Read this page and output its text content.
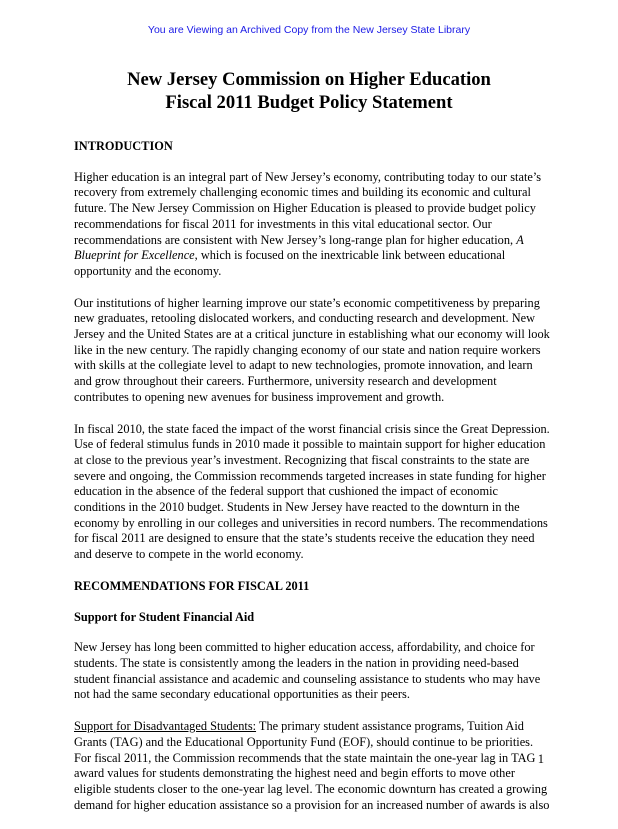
You are Viewing an Archived Copy from the New Jersey State Library
New Jersey Commission on Higher Education
Fiscal 2011 Budget Policy Statement

INTRODUCTION

Higher education is an integral part of New Jersey’s economy, contributing today to our state’s recovery from extremely challenging economic times and building its economic and cultural future. The New Jersey Commission on Higher Education is pleased to provide budget policy recommendations for fiscal 2011 for investments in this vital educational sector. Our recommendations are consistent with New Jersey’s long-range plan for higher education, A Blueprint for Excellence, which is focused on the inextricable link between educational opportunity and the economy.

Our institutions of higher learning improve our state’s economic competitiveness by preparing new graduates, retooling dislocated workers, and conducting research and development. New Jersey and the United States are at a critical juncture in establishing what our economy will look like in the new century. The rapidly changing economy of our state and nation require workers with skills at the collegiate level to adapt to new technologies, promote innovation, and learn and grow throughout their careers. Furthermore, university research and development contributes to opening new avenues for business improvement and growth.

In fiscal 2010, the state faced the impact of the worst financial crisis since the Great Depression. Use of federal stimulus funds in 2010 made it possible to maintain support for higher education at close to the previous year’s investment. Recognizing that fiscal constraints to the state are severe and ongoing, the Commission recommends targeted increases in state funding for higher education in the absence of the federal support that cushioned the impact of economic conditions in the 2010 budget. Students in New Jersey have reacted to the downturn in the economy by enrolling in our colleges and universities in record numbers. The recommendations for fiscal 2011 are designed to ensure that the state’s students receive the education they need and deserve to compete in the world economy.

RECOMMENDATIONS FOR FISCAL 2011

Support for Student Financial Aid

New Jersey has long been committed to higher education access, affordability, and choice for students. The state is consistently among the leaders in the nation in providing need-based student financial assistance and academic and counseling assistance to students who may have not had the same secondary educational opportunities as their peers.

Support for Disadvantaged Students: The primary student assistance programs, Tuition Aid Grants (TAG) and the Educational Opportunity Fund (EOF), should continue to be priorities. For fiscal 2011, the Commission recommends that the state maintain the one-year lag in TAG award values for students demonstrating the highest need and begin efforts to move other eligible students closer to the one-year lag level. The economic downturn has created a growing demand for higher education assistance so a provision for an increased number of awards is also

1
